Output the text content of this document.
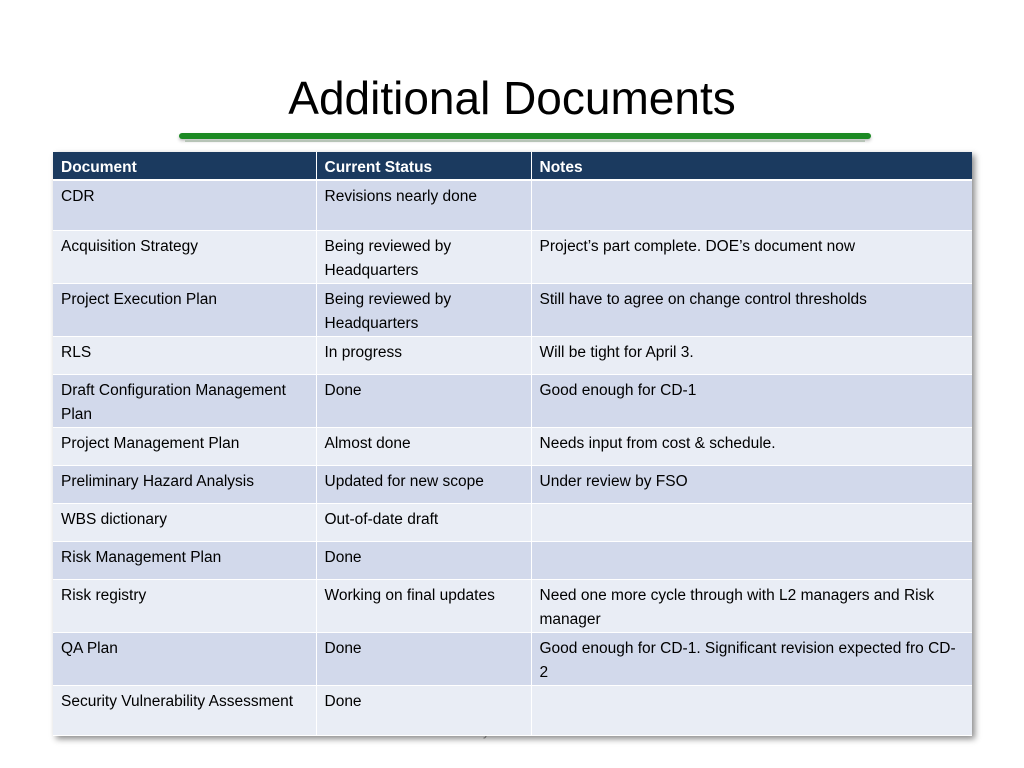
Additional Documents
Document	Current Status	Notes
CDR	Revisions nearly done	
Acquisition Strategy	Being reviewed by Headquarters	Project’s part complete. DOE’s document now
Project Execution Plan	Being reviewed by Headquarters	Still have to agree on change control thresholds
RLS	In progress	Will be tight for April 3.
Draft Configuration Management Plan	Done	Good enough for CD-1
Project Management Plan	Almost done	Needs input from cost & schedule.
Preliminary Hazard Analysis	Updated for new scope	Under review by FSO
WBS dictionary	Out-of-date draft	
Risk Management Plan	Done	
Risk registry	Working on final updates	Need one more cycle through with L2 managers and Risk manager
QA Plan	Done	Good enough for CD-1. Significant revision expected fro CD-2
Security Vulnerability Assessment	Done	
